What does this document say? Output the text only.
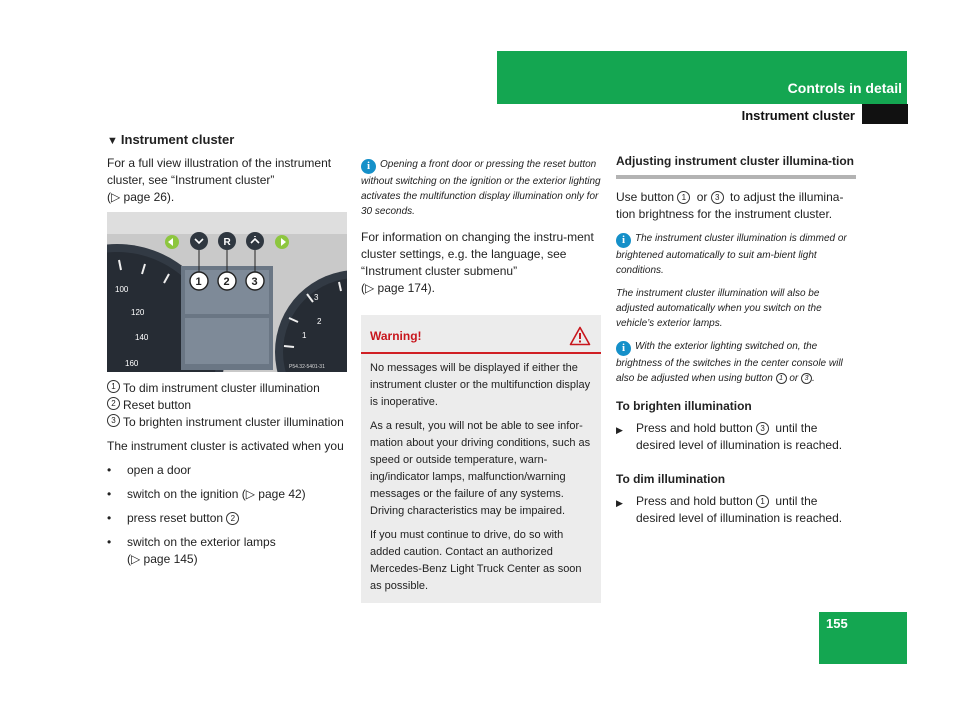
Controls in detail
Instrument cluster
▼ Instrument cluster

For a full view illustration of the instrument cluster, see “Instrument cluster”
(▷ page 26).

100
120
140
160
3
2
1
R
1 2 3
P54.32-5401-31
1 To dim instrument cluster illumination
2 Reset button
3 To brighten instrument cluster illumination

The instrument cluster is activated when you

•	open a door
•	switch on the ignition (▷ page 42)
•	press reset button 2
•	switch on the exterior lamps
(▷ page 145)

i Opening a front door or pressing the reset button without switching on the ignition or the exterior lighting activates the multifunction display illumination only for 30 seconds.

For information on changing the instru-ment cluster settings, e.g. the language, see “Instrument cluster submenu”
(▷ page 174).

Warning!

No messages will be displayed if either the instrument cluster or the multifunction display is inoperative.

As a result, you will not be able to see infor-mation about your driving conditions, such as speed or outside temperature, warn-ing/indicator lamps, malfunction/warning messages or the failure of any systems. Driving characteristics may be impaired.

If you must continue to drive, do so with added caution. Contact an authorized Mercedes-Benz Light Truck Center as soon as possible.

Adjusting instrument cluster illumina-tion

Use button 1 or 3 to adjust the illumina-tion brightness for the instrument cluster.

i The instrument cluster illumination is dimmed or brightened automatically to suit am-bient light conditions.

The instrument cluster illumination will also be adjusted automatically when you switch on the vehicle’s exterior lamps.

i With the exterior lighting switched on, the brightness of the switches in the center console will also be adjusted when using button 1 or 3 .

To brighten illumination
▶	Press and hold button 3 until the desired level of illumination is reached.
To dim illumination
▶	Press and hold button 1 until the desired level of illumination is reached.
155
